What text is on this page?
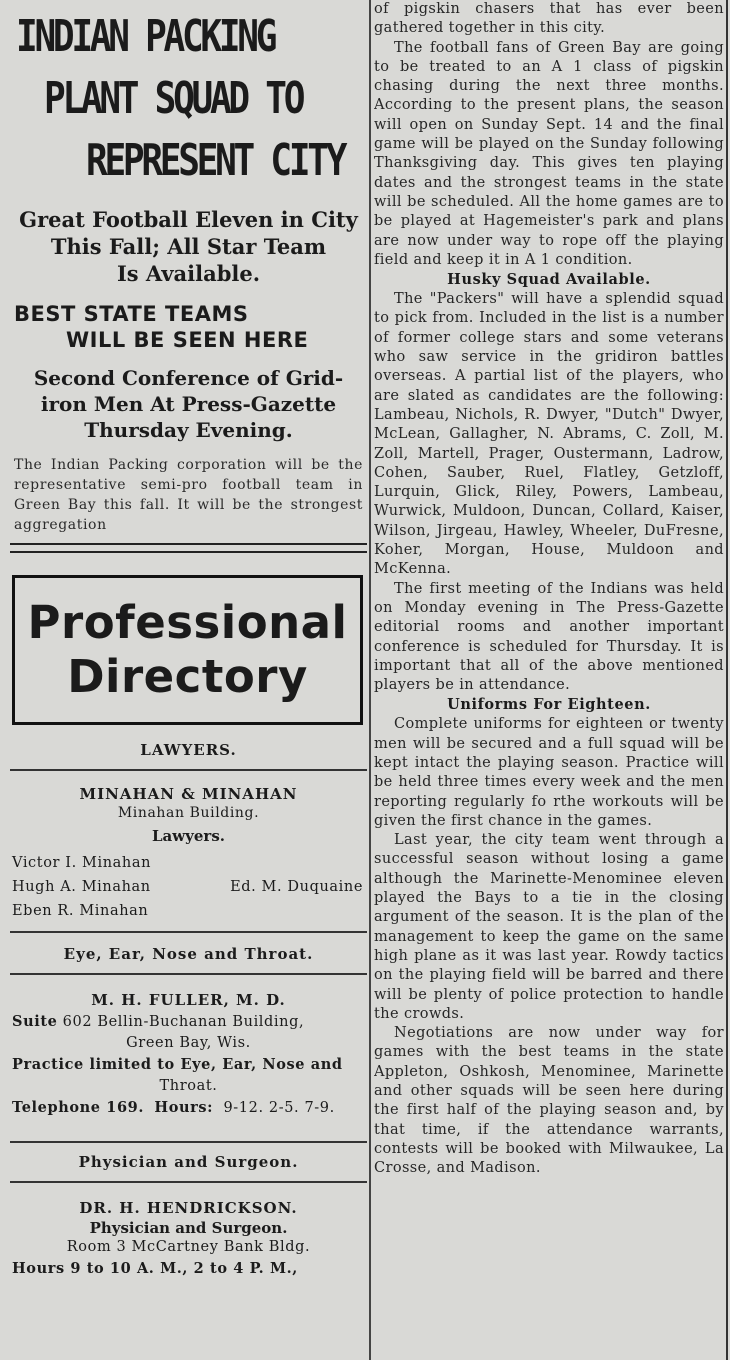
INDIAN PACKING
PLANT SQUAD TO
REPRESENT CITY
Great Football Eleven in City
This Fall; All Star Team
Is Available.
BEST STATE TEAMS
WILL BE SEEN HERE
Second Conference of Grid-
iron Men At Press-Gazette
Thursday Evening.

The Indian Packing corporation will be the representative semi-pro football team in Green Bay this fall. It will be the strongest aggregation

Professional
Directory
LAWYERS.
MINAHAN & MINAHAN
Minahan Building.
Lawyers.
Victor I. Minahan
Hugh A. Minahan	Ed. M. Duquaine
Eben R. Minahan
Eye, Ear, Nose and Throat.
M. H. FULLER, M. D.
Suite 602 Bellin-Buchanan Building,
Green Bay, Wis.
Practice limited to Eye, Ear, Nose and
Throat.
Telephone 169. Hours: 9-12. 2-5. 7-9.
Physician and Surgeon.
DR. H. HENDRICKSON.
Physician and Surgeon.
Room 3 McCartney Bank Bldg.
Hours 9 to 10 A. M., 2 to 4 P. M.,

of pigskin chasers that has ever been gathered together in this city.

The football fans of Green Bay are going to be treated to an A 1 class of pigskin chasing during the next three months. According to the present plans, the season will open on Sunday Sept. 14 and the final game will be played on the Sunday following Thanksgiving day. This gives ten playing dates and the strongest teams in the state will be scheduled. All the home games are to be played at Hagemeister's park and plans are now under way to rope off the playing field and keep it in A 1 condition.

Husky Squad Available.

The "Packers" will have a splendid squad to pick from. Included in the list is a number of former college stars and some veterans who saw service in the gridiron battles overseas. A partial list of the players, who are slated as candidates are the following: Lambeau, Nichols, R. Dwyer, "Dutch" Dwyer, McLean, Gallagher, N. Abrams, C. Zoll, M. Zoll, Martell, Prager, Oustermann, Ladrow, Cohen, Sauber, Ruel, Flatley, Getzloff, Lurquin, Glick, Riley, Powers, Lambeau, Wurwick, Muldoon, Duncan, Collard, Kaiser, Wilson, Jirgeau, Hawley, Wheeler, DuFresne, Koher, Morgan, House, Muldoon and McKenna.

The first meeting of the Indians was held on Monday evening in The Press-Gazette editorial rooms and another important conference is scheduled for Thursday. It is important that all of the above mentioned players be in attendance.

Uniforms For Eighteen.

Complete uniforms for eighteen or twenty men will be secured and a full squad will be kept intact the playing season. Practice will be held three times every week and the men reporting regularly fo rthe workouts will be given the first chance in the games.

Last year, the city team went through a successful season without losing a game although the Marinette-Menominee eleven played the Bays to a tie in the closing argument of the season. It is the plan of the management to keep the game on the same high plane as it was last year. Rowdy tactics on the playing field will be barred and there will be plenty of police protection to handle the crowds.

Negotiations are now under way for games with the best teams in the state Appleton, Oshkosh, Menominee, Marinette and other squads will be seen here during the first half of the playing season and, by that time, if the attendance warrants, contests will be booked with Milwaukee, La Crosse, and Madison.
